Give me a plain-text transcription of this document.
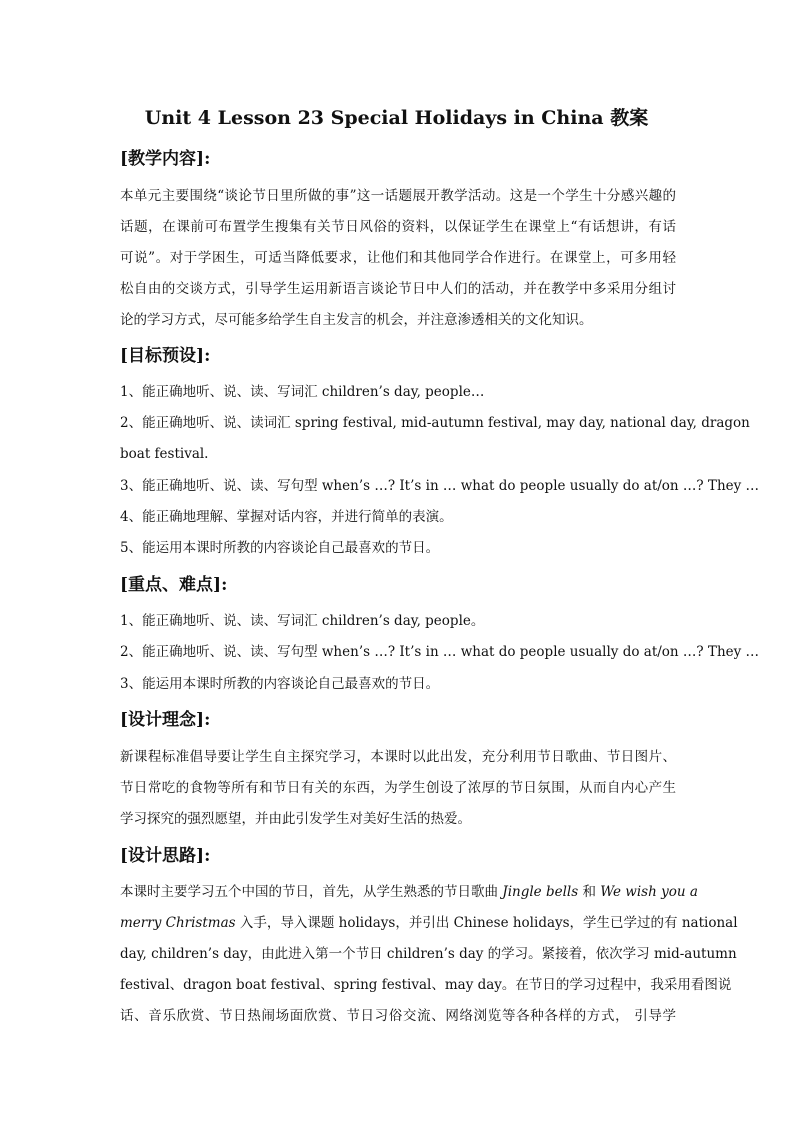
Unit 4 Lesson 23 Special Holidays in China 教案
[教学内容]:
本单元主要围绕“谈论节日里所做的事”这一话题展开教学活动。这是一个学生十分感兴趣的
话题，在课前可布置学生搜集有关节日风俗的资料，以保证学生在课堂上“有话想讲，有话
可说”。对于学困生，可适当降低要求，让他们和其他同学合作进行。在课堂上，可多用轻
松自由的交谈方式，引导学生运用新语言谈论节日中人们的活动，并在教学中多采用分组讨
论的学习方式，尽可能多给学生自主发言的机会，并注意渗透相关的文化知识。
[目标预设]:
1、能正确地听、说、读、写词汇 children’s day, people…
2、能正确地听、说、读词汇 spring festival, mid-autumn festival, may day, national day, dragon
boat festival.
3、能正确地听、说、读、写句型 when’s …? It’s in … what do people usually do at/on …? They …
4、能正确地理解、掌握对话内容，并进行简单的表演。
5、能运用本课时所教的内容谈论自己最喜欢的节日。
[重点、难点]:
1、能正确地听、说、读、写词汇 children’s day, people。
2、能正确地听、说、读、写句型 when’s …? It’s in … what do people usually do at/on …? They …
3、能运用本课时所教的内容谈论自己最喜欢的节日。
[设计理念]:
新课程标准倡导要让学生自主探究学习，本课时以此出发，充分利用节日歌曲、节日图片、
节日常吃的食物等所有和节日有关的东西，为学生创设了浓厚的节日氛围，从而自内心产生
学习探究的强烈愿望，并由此引发学生对美好生活的热爱。
[设计思路]:
本课时主要学习五个中国的节日，首先，从学生熟悉的节日歌曲 Jingle bells 和 We wish you a
merry Christmas 入手，导入课题 holidays，并引出 Chinese holidays，学生已学过的有 national
day, children’s day，由此进入第一个节日 children’s day 的学习。紧接着，依次学习 mid-autumn
festival、dragon boat festival、spring festival、may day。在节日的学习过程中，我采用看图说
话、音乐欣赏、节日热闹场面欣赏、节日习俗交流、网络浏览等各种各样的方式， 引导学
